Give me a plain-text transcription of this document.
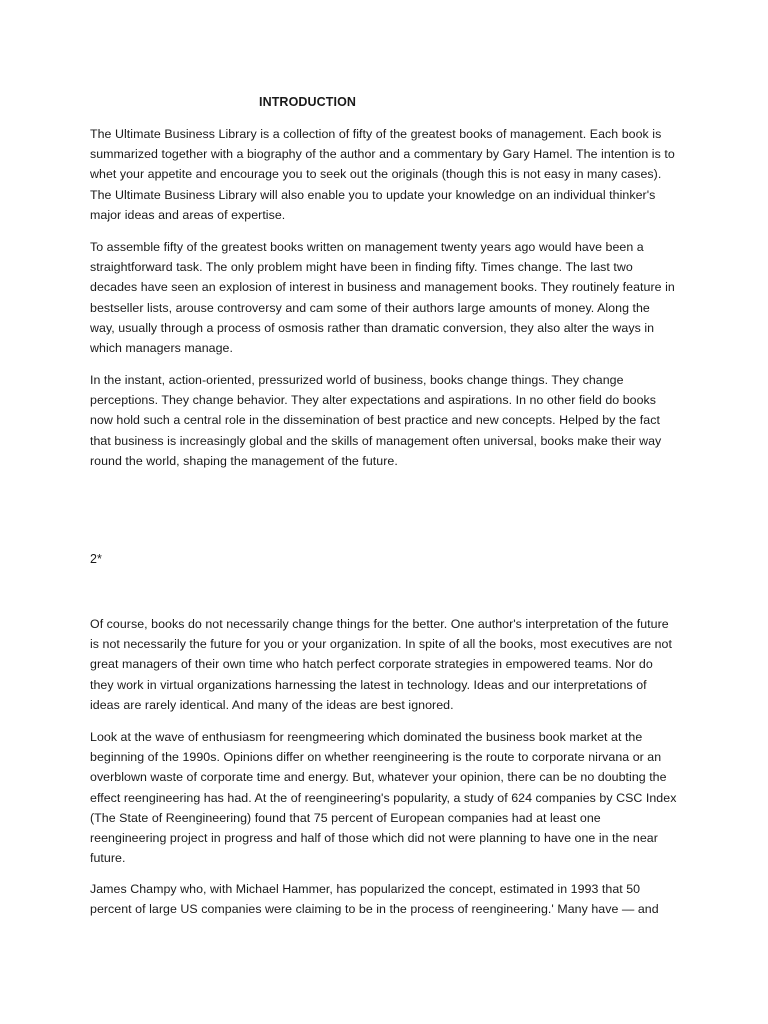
INTRODUCTION

The Ultimate Business Library is a collection of fifty of the greatest books of management. Each book is summarized together with a biography of the author and a commentary by Gary Hamel. The intention is to whet your appetite and encourage you to seek out the originals (though this is not easy in many cases). The Ultimate Business Library will also enable you to update your knowledge on an individual thinker's major ideas and areas of expertise.

To assemble fifty of the greatest books written on management twenty years ago would have been a straightforward task. The only problem might have been in finding fifty. Times change. The last two decades have seen an explosion of interest in business and management books. They routinely feature in bestseller lists, arouse controversy and cam some of their authors large amounts of money. Along the way, usually through a process of osmosis rather than dramatic conversion, they also alter the ways in which managers manage.

In the instant, action-oriented, pressurized world of business, books change things. They change perceptions. They change behavior. They alter expectations and aspirations. In no other field do books now hold such a central role in the dissemination of best practice and new concepts. Helped by the fact that business is increasingly global and the skills of management often universal, books make their way round the world, shaping the management of the future.

2*

Of course, books do not necessarily change things for the better. One author's interpretation of the future is not necessarily the future for you or your organization. In spite of all the books, most executives are not great managers of their own time who hatch perfect corporate strategies in empowered teams. Nor do they work in virtual organizations harnessing the latest in technology. Ideas and our interpretations of ideas are rarely identical. And many of the ideas are best ignored.

Look at the wave of enthusiasm for reengmeering which dominated the business book market at the beginning of the 1990s. Opinions differ on whether reengineering is the route to corporate nirvana or an overblown waste of corporate time and energy. But, whatever your opinion, there can be no doubting the effect reengineering has had. At the of reengineering's popularity, a study of 624 companies by CSC Index (The State of Reengineering) found that 75 percent of European companies had at least one reengineering project in progress and half of those which did not were planning to have one in the near future.

James Champy who, with Michael Hammer, has popularized the concept, estimated in 1993 that 50 percent of large US companies were claiming to be in the process of reengineering.' Many have — and
